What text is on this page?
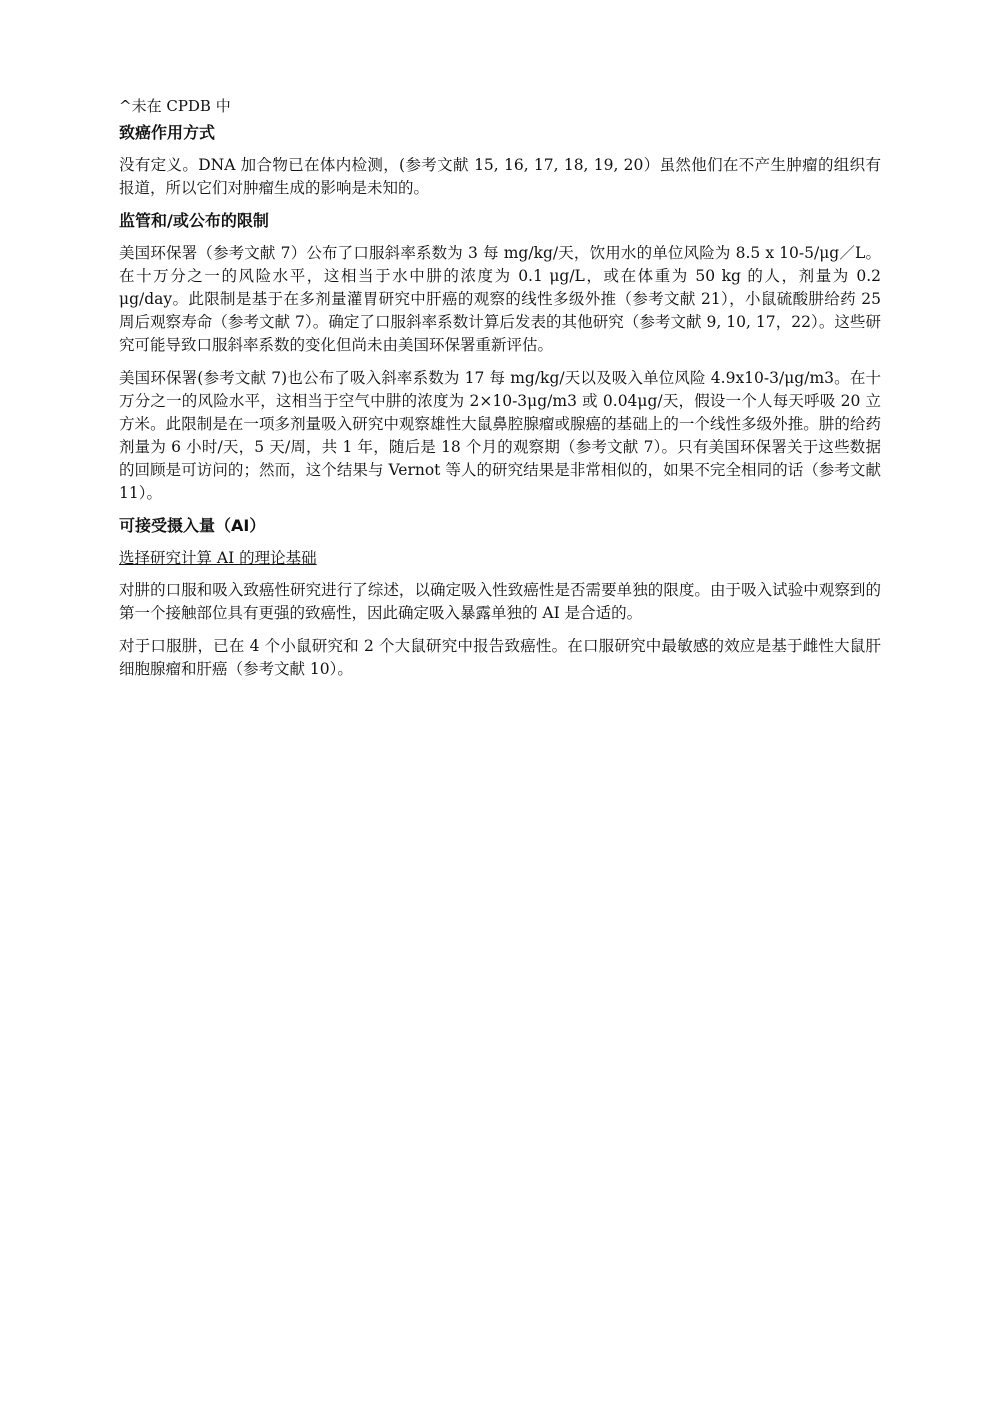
^未在 CPDB 中
致癌作用方式

没有定义。DNA 加合物已在体内检测，(参考文献 15, 16, 17, 18, 19, 20）虽然他们在不产生肿瘤的组织有报道，所以它们对肿瘤生成的影响是未知的。

监管和/或公布的限制

美国环保署（参考文献 7）公布了口服斜率系数为 3 每 mg/kg/天，饮用水的单位风险为 8.5 x 10-5/μg／L。在十万分之一的风险水平，这相当于水中肼的浓度为 0.1 μg/L，或在体重为 50 kg 的人，剂量为 0.2 μg/day。此限制是基于在多剂量灌胃研究中肝癌的观察的线性多级外推（参考文献 21），小鼠硫酸肼给药 25 周后观察寿命（参考文献 7）。确定了口服斜率系数计算后发表的其他研究（参考文献 9, 10, 17，22）。这些研究可能导致口服斜率系数的变化但尚未由美国环保署重新评估。

美国环保署(参考文献 7)也公布了吸入斜率系数为 17 每 mg/kg/天以及吸入单位风险 4.9x10-3/μg/m3。在十万分之一的风险水平，这相当于空气中肼的浓度为 2×10-3μg/m3 或 0.04μg/天，假设一个人每天呼吸 20 立方米。此限制是在一项多剂量吸入研究中观察雄性大鼠鼻腔腺瘤或腺癌的基础上的一个线性多级外推。肼的给药剂量为 6 小时/天，5 天/周，共 1 年，随后是 18 个月的观察期（参考文献 7）。只有美国环保署关于这些数据的回顾是可访问的；然而，这个结果与 Vernot 等人的研究结果是非常相似的，如果不完全相同的话（参考文献 11）。

可接受摄入量（AI）
选择研究计算 AI 的理论基础

对肼的口服和吸入致癌性研究进行了综述，以确定吸入性致癌性是否需要单独的限度。由于吸入试验中观察到的第一个接触部位具有更强的致癌性，因此确定吸入暴露单独的 AI 是合适的。

对于口服肼，已在 4 个小鼠研究和 2 个大鼠研究中报告致癌性。在口服研究中最敏感的效应是基于雌性大鼠肝细胞腺瘤和肝癌（参考文献 10）。
